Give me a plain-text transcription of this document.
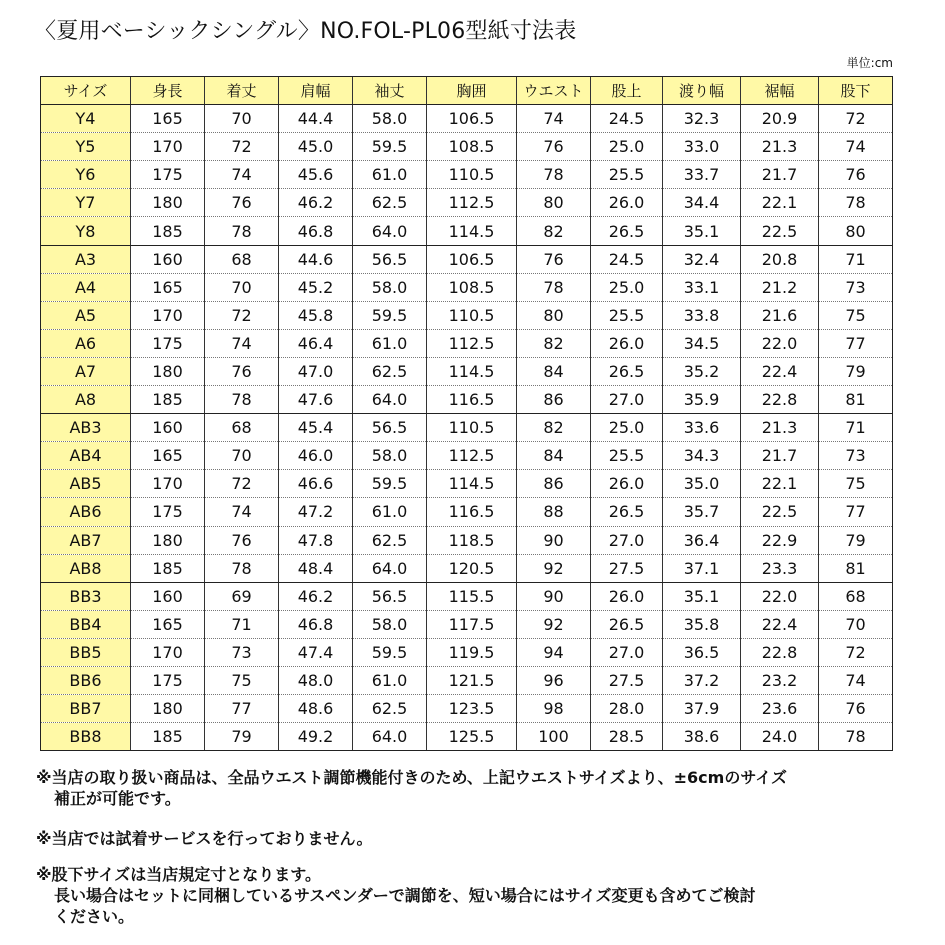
〈夏用ベーシックシングル〉NO.FOL-PL06型紙寸法表
単位:cm
サイズ	身長	着丈	肩幅	袖丈	胸囲	ウエスト	股上	渡り幅	裾幅	股下
Y4	165	70	44.4	58.0	106.5	74	24.5	32.3	20.9	72
Y5	170	72	45.0	59.5	108.5	76	25.0	33.0	21.3	74
Y6	175	74	45.6	61.0	110.5	78	25.5	33.7	21.7	76
Y7	180	76	46.2	62.5	112.5	80	26.0	34.4	22.1	78
Y8	185	78	46.8	64.0	114.5	82	26.5	35.1	22.5	80
A3	160	68	44.6	56.5	106.5	76	24.5	32.4	20.8	71
A4	165	70	45.2	58.0	108.5	78	25.0	33.1	21.2	73
A5	170	72	45.8	59.5	110.5	80	25.5	33.8	21.6	75
A6	175	74	46.4	61.0	112.5	82	26.0	34.5	22.0	77
A7	180	76	47.0	62.5	114.5	84	26.5	35.2	22.4	79
A8	185	78	47.6	64.0	116.5	86	27.0	35.9	22.8	81
AB3	160	68	45.4	56.5	110.5	82	25.0	33.6	21.3	71
AB4	165	70	46.0	58.0	112.5	84	25.5	34.3	21.7	73
AB5	170	72	46.6	59.5	114.5	86	26.0	35.0	22.1	75
AB6	175	74	47.2	61.0	116.5	88	26.5	35.7	22.5	77
AB7	180	76	47.8	62.5	118.5	90	27.0	36.4	22.9	79
AB8	185	78	48.4	64.0	120.5	92	27.5	37.1	23.3	81
BB3	160	69	46.2	56.5	115.5	90	26.0	35.1	22.0	68
BB4	165	71	46.8	58.0	117.5	92	26.5	35.8	22.4	70
BB5	170	73	47.4	59.5	119.5	94	27.0	36.5	22.8	72
BB6	175	75	48.0	61.0	121.5	96	27.5	37.2	23.2	74
BB7	180	77	48.6	62.5	123.5	98	28.0	37.9	23.6	76
BB8	185	79	49.2	64.0	125.5	100	28.5	38.6	24.0	78
※当店の取り扱い商品は、全品ウエスト調節機能付きのため、上記ウエストサイズより、±6cmのサイズ
補正が可能です。
※当店では試着サービスを行っておりません。
※股下サイズは当店規定寸となります。
長い場合はセットに同梱しているサスペンダーで調節を、短い場合にはサイズ変更も含めてご検討
ください。
